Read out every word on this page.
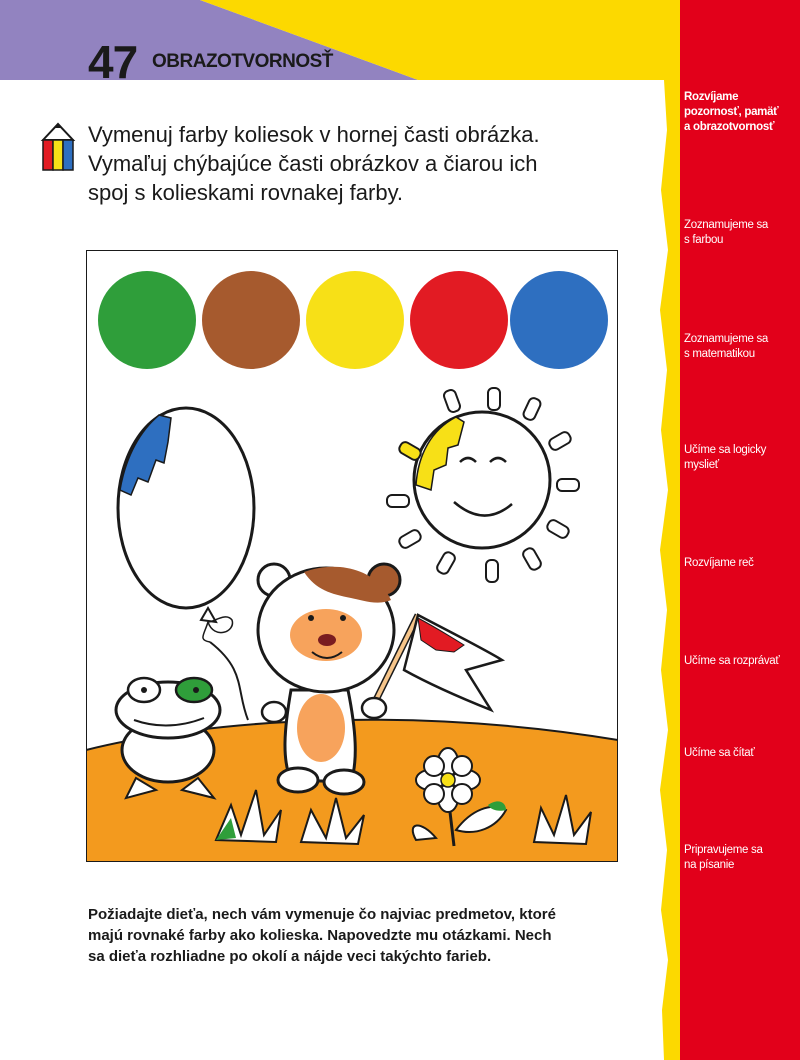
47 OBRAZOTVORNOSŤ
Vymenuj farby koliesok v hornej časti obrázka.
Vymaľuj chýbajúce časti obrázkov a čiarou ich
spoj s kolieskami rovnakej farby.
Požiadajte dieťa, nech vám vymenuje čo najviac predmetov, ktoré
majú rovnaké farby ako kolieska. Napovedzte mu otázkami. Nech
sa dieťa rozhliadne po okolí a nájde veci takýchto farieb.
Rozvíjame
pozornosť, pamäť
a obrazotvornosť
Zoznamujeme sa
s farbou
Zoznamujeme sa
s matematikou
Učíme sa logicky
myslieť
Rozvíjame reč
Učíme sa rozprávať
Učíme sa čítať
Pripravujeme sa
na písanie
